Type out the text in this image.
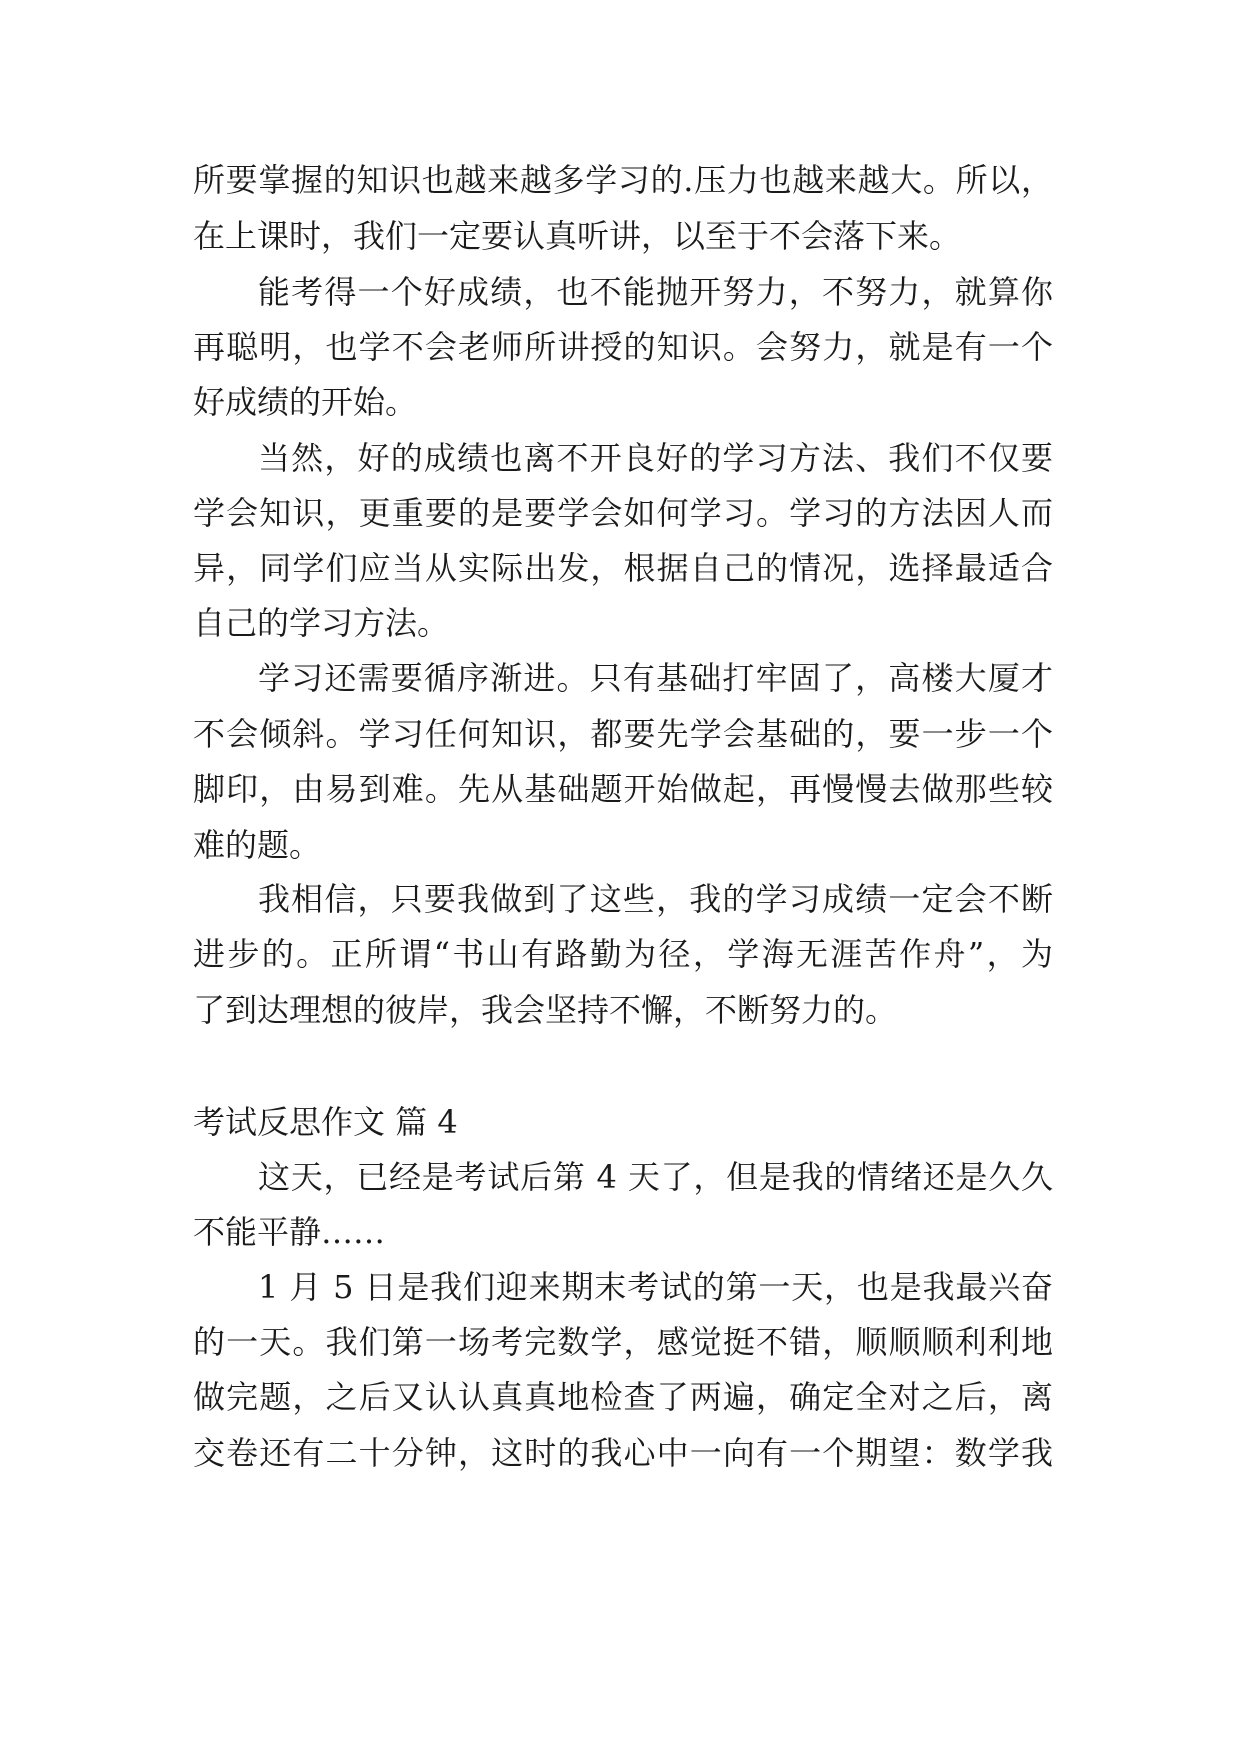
所要掌握的知识也越来越多学习的.压力也越来越大。所以，
在上课时，我们一定要认真听讲，以至于不会落下来。
能考得一个好成绩，也不能抛开努力，不努力，就算你
再聪明，也学不会老师所讲授的知识。会努力，就是有一个
好成绩的开始。
当然，好的成绩也离不开良好的学习方法、我们不仅要
学会知识，更重要的是要学会如何学习。学习的方法因人而
异，同学们应当从实际出发，根据自己的情况，选择最适合
自己的学习方法。
学习还需要循序渐进。只有基础打牢固了，高楼大厦才
不会倾斜。学习任何知识，都要先学会基础的，要一步一个
脚印，由易到难。先从基础题开始做起，再慢慢去做那些较
难的题。
我相信，只要我做到了这些，我的学习成绩一定会不断
进步的。正所谓“书山有路勤为径，学海无涯苦作舟”，为
了到达理想的彼岸，我会坚持不懈，不断努力的。
考试反思作文 篇 4
这天，已经是考试后第 4 天了，但是我的情绪还是久久
不能平静……
1 月 5 日是我们迎来期末考试的第一天，也是我最兴奋
的一天。我们第一场考完数学，感觉挺不错，顺顺顺利利地
做完题，之后又认认真真地检查了两遍，确定全对之后，离
交卷还有二十分钟，这时的我心中一向有一个期望：数学我
